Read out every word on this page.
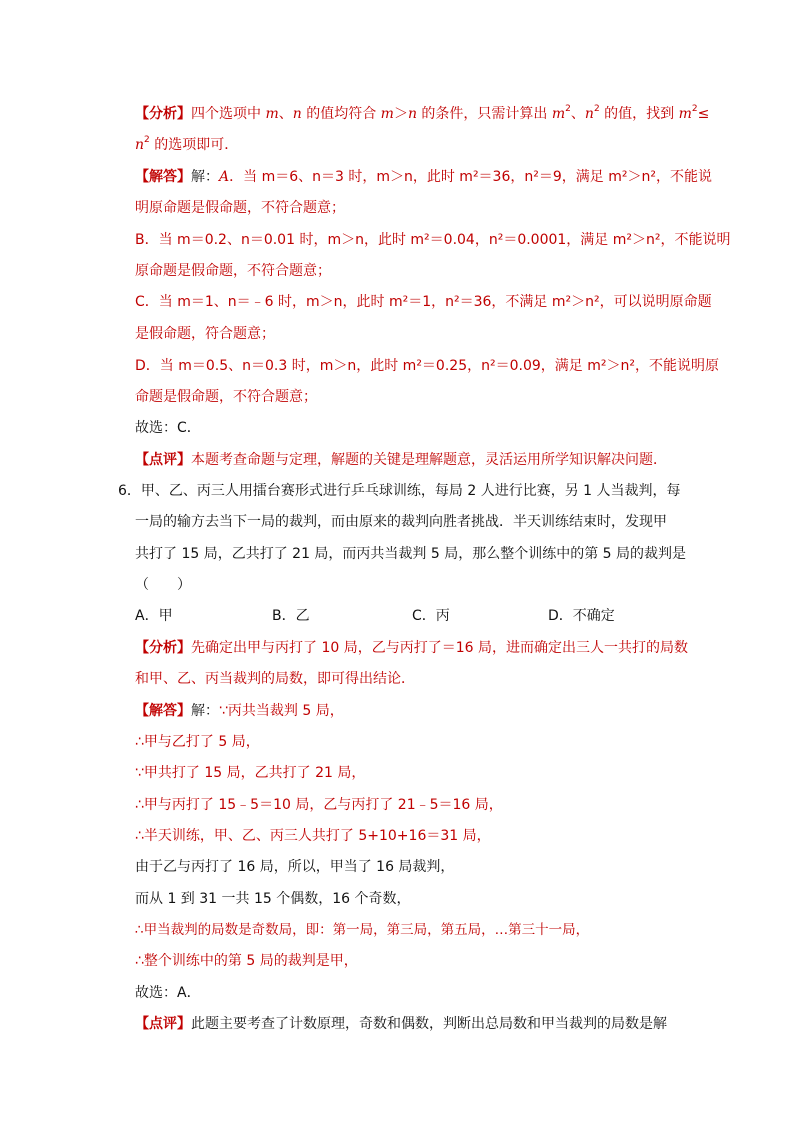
【分析】四个选项中 m、n 的值均符合 m＞n 的条件，只需计算出 $m^2$、$n^2$ 的值，找到 $m^2\le$
$n^2$ 的选项即可．
【解答】解：A．当 m＝6、n＝3 时，m＞n，此时 m²＝36，n²＝9，满足 m²＞n²，不能说
明原命题是假命题，不符合题意；
B．当 m＝0.2、n＝0.01 时，m＞n，此时 m²＝0.04，n²＝0.0001，满足 m²＞n²，不能说明
原命题是假命题，不符合题意；
C．当 m＝1、n＝﹣6 时，m＞n，此时 m²＝1，n²＝36，不满足 m²＞n²，可以说明原命题
是假命题，符合题意；
D．当 m＝0.5、n＝0.3 时，m＞n，此时 m²＝0.25，n²＝0.09，满足 m²＞n²，不能说明原
命题是假命题，不符合题意；
故选：C．
【点评】本题考查命题与定理，解题的关键是理解题意，灵活运用所学知识解决问题．
6．甲、乙、丙三人用擂台赛形式进行乒乓球训练，每局 2 人进行比赛，另 1 人当裁判，每
一局的输方去当下一局的裁判，而由原来的裁判向胜者挑战．半天训练结束时，发现甲
共打了 15 局，乙共打了 21 局，而丙共当裁判 5 局，那么整个训练中的第 5 局的裁判是
（　　）
A．甲	B．乙	C．丙	D．不确定
【分析】先确定出甲与丙打了 10 局，乙与丙打了＝16 局，进而确定出三人一共打的局数
和甲、乙、丙当裁判的局数，即可得出结论．
【解答】解：∵丙共当裁判 5 局，
∴甲与乙打了 5 局，
∵甲共打了 15 局，乙共打了 21 局，
∴甲与丙打了 15﹣5＝10 局，乙与丙打了 21﹣5＝16 局，
∴半天训练，甲、乙、丙三人共打了 5+10+16＝31 局，
由于乙与丙打了 16 局，所以，甲当了 16 局裁判，
而从 1 到 31 一共 15 个偶数，16 个奇数，
∴甲当裁判的局数是奇数局，即：第一局，第三局，第五局，…第三十一局，
∴整个训练中的第 5 局的裁判是甲，
故选：A．
【点评】此题主要考查了计数原理，奇数和偶数，判断出总局数和甲当裁判的局数是解
